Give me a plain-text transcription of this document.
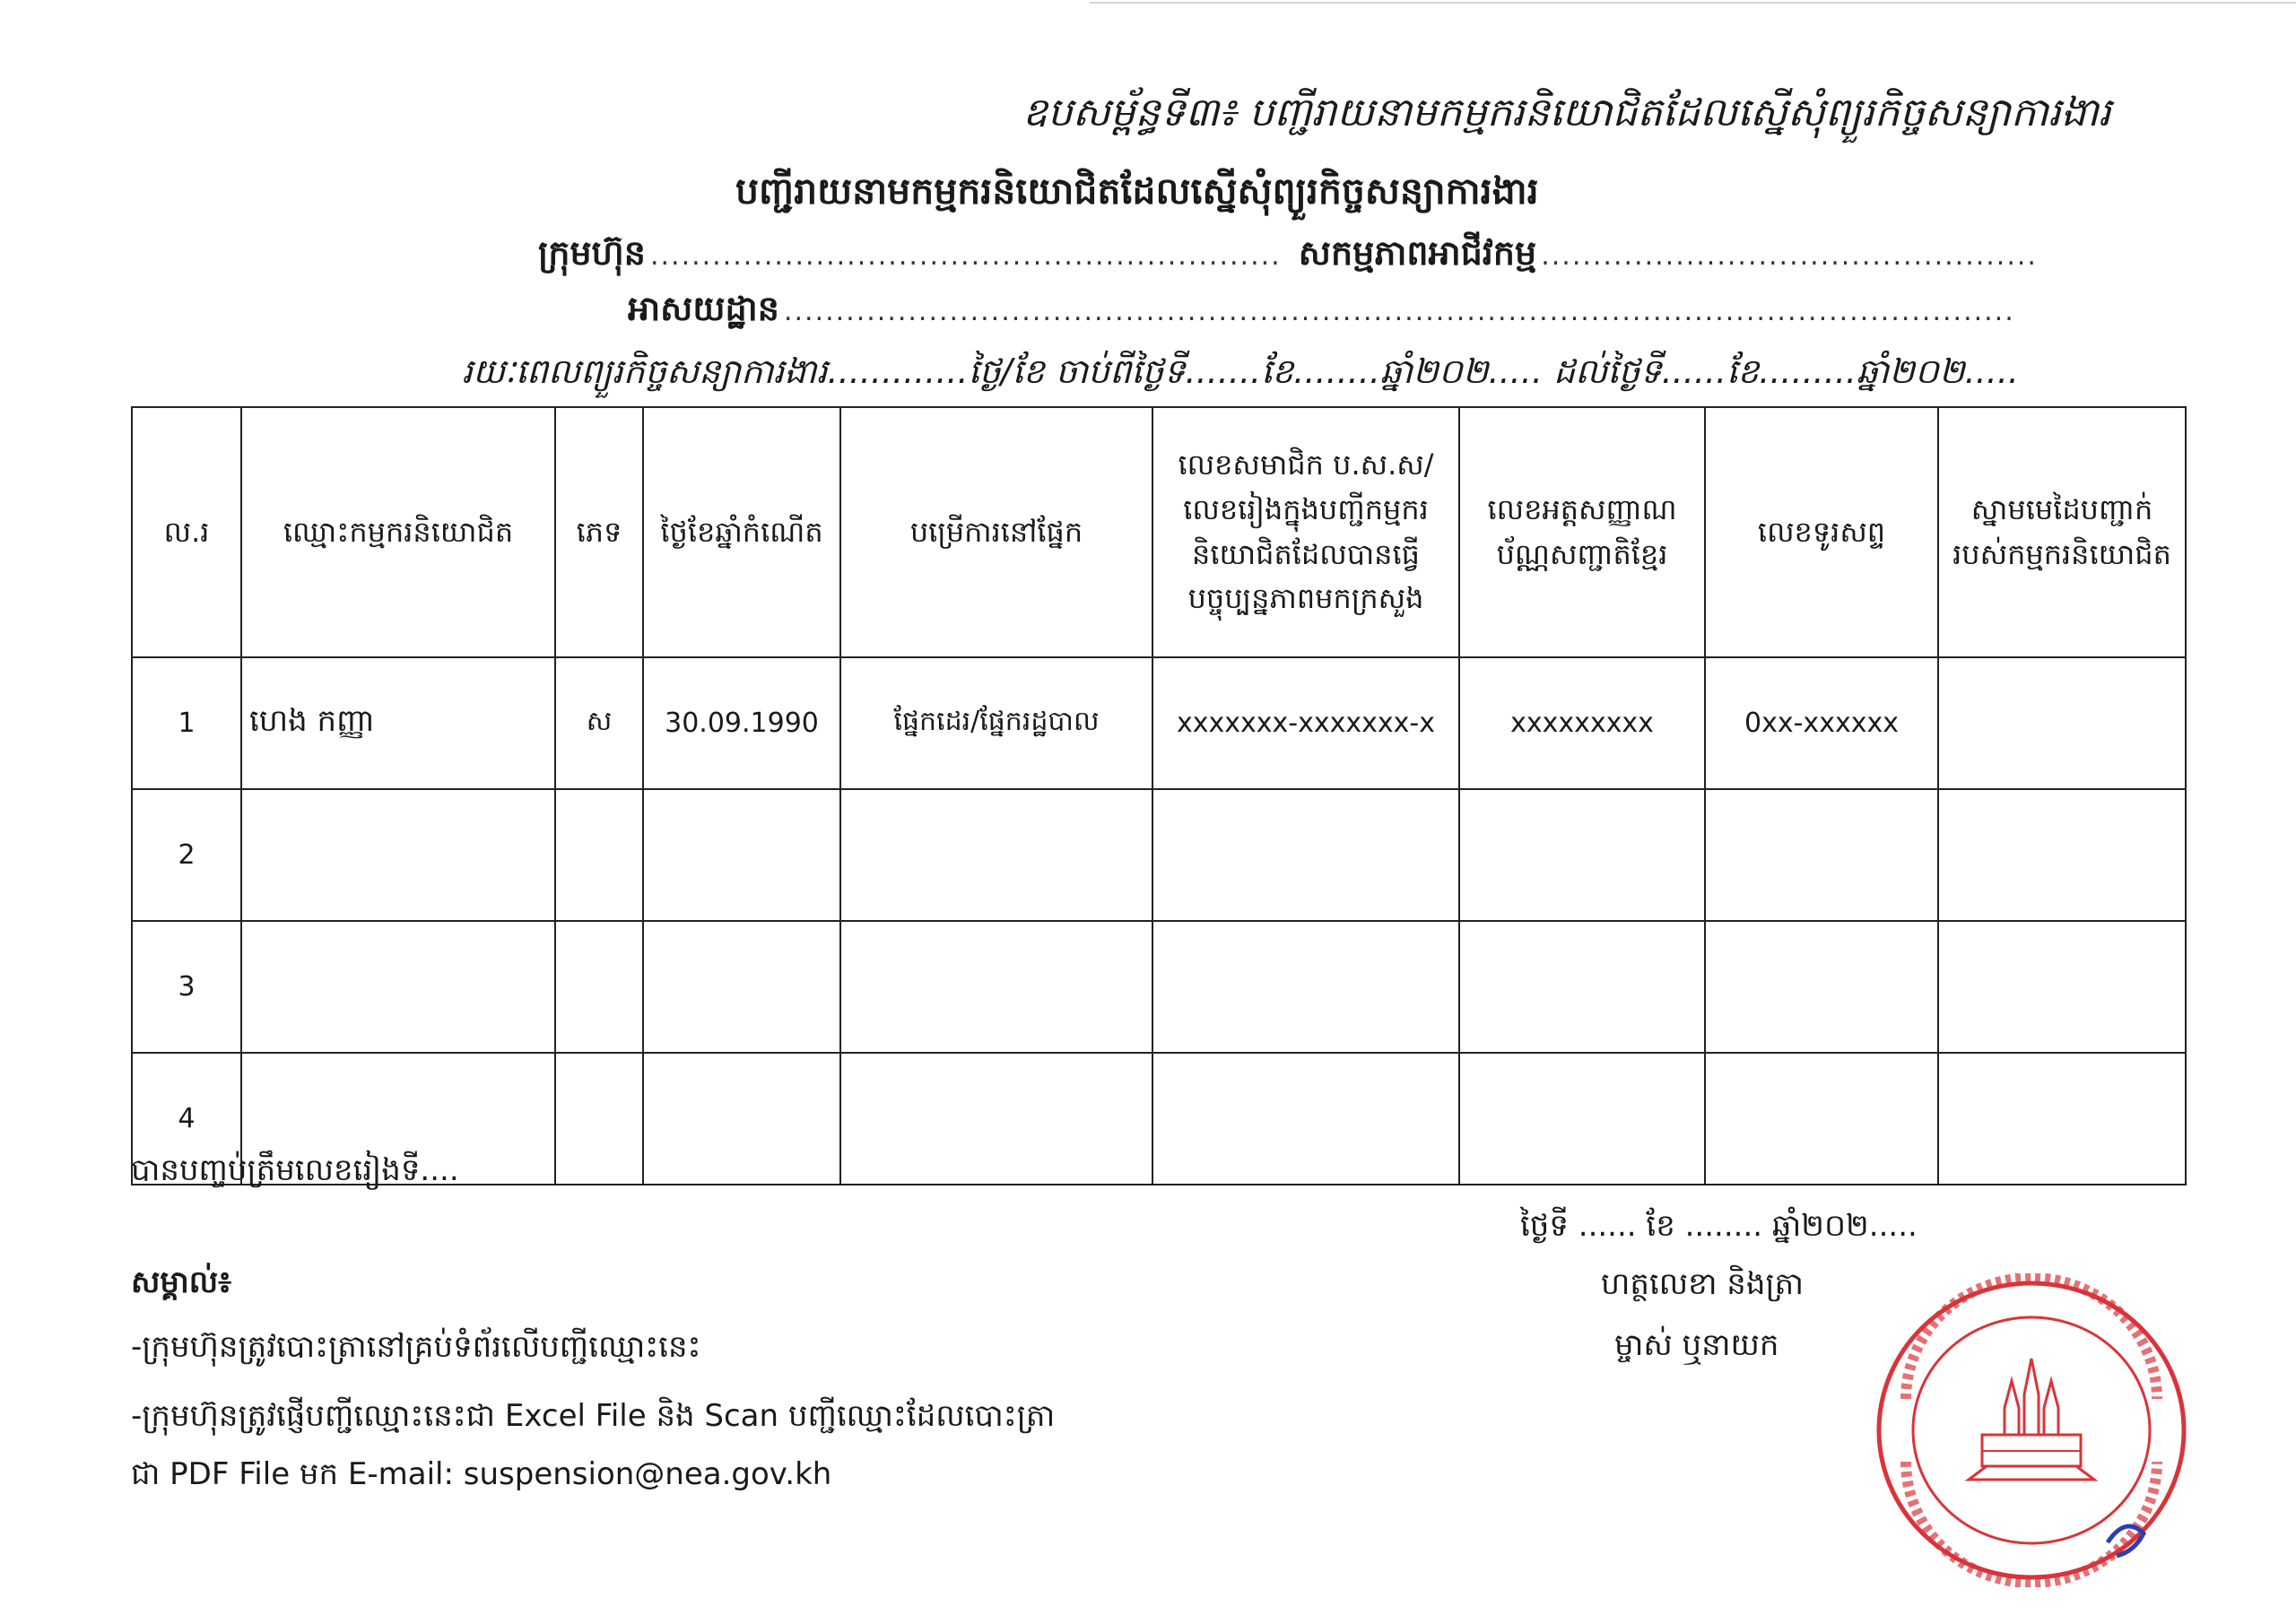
ឧបសម្ព័ន្ធទី៣៖ បញ្ជីរាយនាមកម្មករនិយោជិតដែលស្នើសុំព្យួរកិច្ចសន្យាការងារ
បញ្ជីរាយនាមកម្មករនិយោជិតដែលស្នើសុំព្យួរកិច្ចសន្យាការងារ
ក្រុមហ៊ុន ............................................................. សកម្មភាពអាជីវកម្ម ................................................
អាសយដ្ឋាន .......................................................................................................................
រយៈពេលព្យួរកិច្ចសន្យាការងារ.............ថ្ងៃ/ខែ ចាប់ពីថ្ងៃទី.......ខែ........ឆ្នាំ២០២..... ដល់ថ្ងៃទី......ខែ.........ឆ្នាំ២០២.....
ល.រ	ឈ្មោះកម្មករនិយោជិត	ភេទ	ថ្ងៃខែឆ្នាំកំណើត	បម្រើការនៅផ្នែក	លេខសមាជិក ប.ស.ស/ លេខរៀងក្នុងបញ្ជីកម្មករ និយោជិតដែលបានធ្វើ បច្ចុប្បន្នភាពមកក្រសួង	លេខអត្តសញ្ញាណ ប័ណ្ណសញ្ជាតិខ្មែរ	លេខទូរសព្ទ	ស្នាមមេដៃបញ្ជាក់ របស់កម្មករនិយោជិត
1	ហេង កញ្ញា	ស	30.09.1990	ផ្នែកដេរ/ផ្នែករដ្ឋបាល	xxxxxxx-xxxxxxx-x	xxxxxxxxx	0xx-xxxxxx	
2								
3								
4								
បានបញ្ចប់ត្រឹមលេខរៀងទី....
ថ្ងៃទី ...... ខែ ........ ឆ្នាំ២០២.....
ហត្ថលេខា និងត្រា
ម្ចាស់ ឬនាយក
សម្គាល់៖
-ក្រុមហ៊ុនត្រូវបោះត្រានៅគ្រប់ទំព័រលើបញ្ជីឈ្មោះនេះ
-ក្រុមហ៊ុនត្រូវផ្ញើបញ្ជីឈ្មោះនេះជា Excel File និង Scan បញ្ជីឈ្មោះដែលបោះត្រា
ជា PDF File មក E-mail: suspension@nea.gov.kh
